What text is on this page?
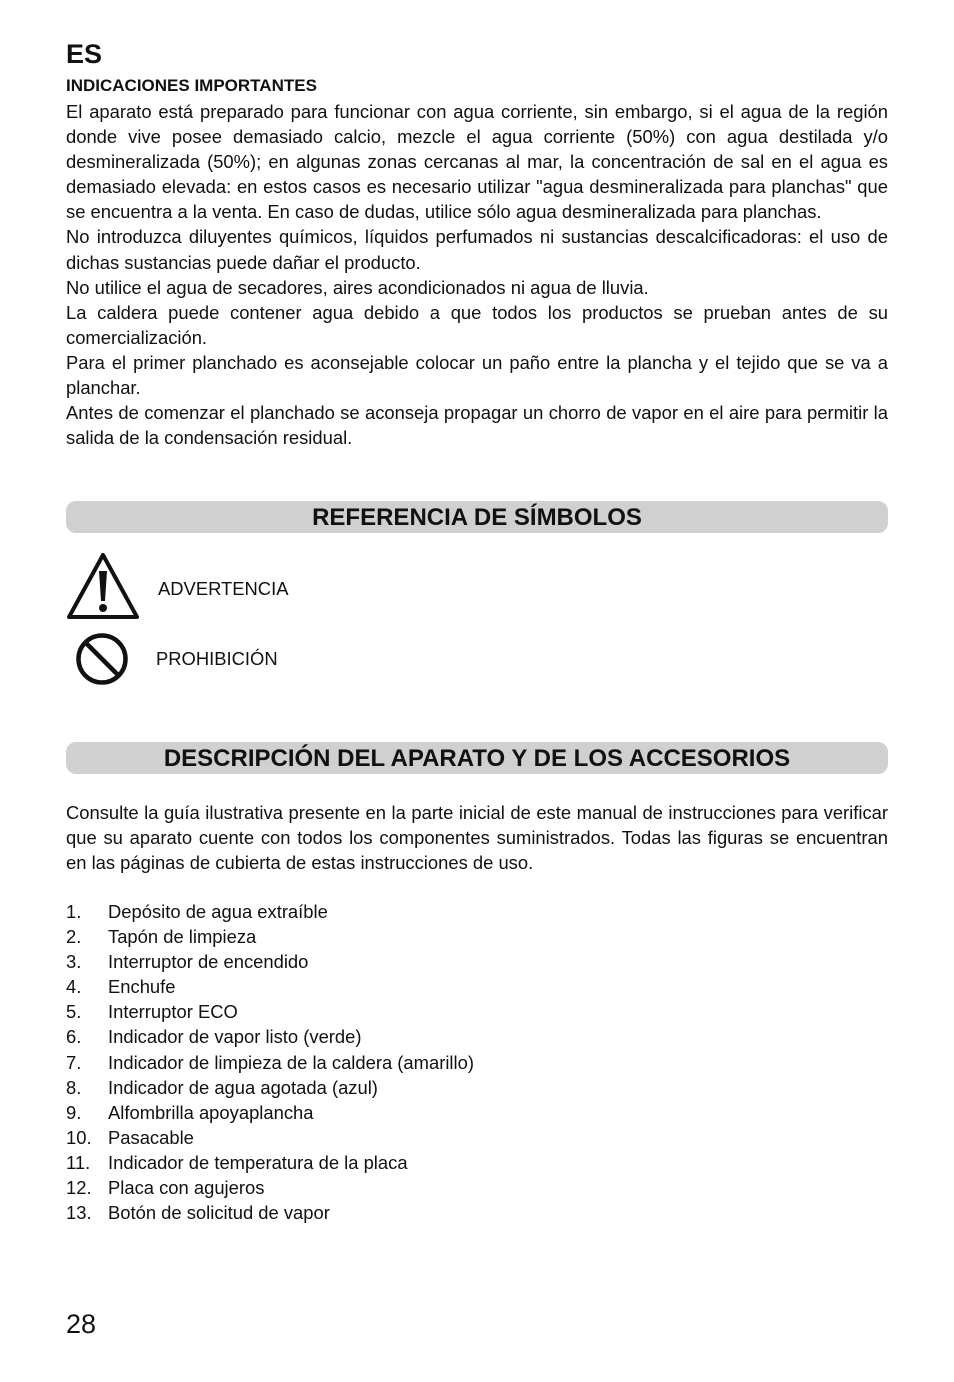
ES
INDICACIONES IMPORTANTES

El aparato está preparado para funcionar con agua corriente, sin embargo, si el agua de la región donde vive posee demasiado calcio, mezcle el agua corriente (50%) con agua destilada y/o desmineralizada (50%); en algunas zonas cercanas al mar, la concentración de sal en el agua es demasiado elevada: en estos casos es necesario utilizar "agua desmineralizada para planchas" que se encuentra a la venta. En caso de dudas, utilice sólo agua desmineralizada para planchas.

No introduzca diluyentes químicos, líquidos perfumados ni sustancias descalcificadoras: el uso de dichas sustancias puede dañar el producto.

No utilice el agua de secadores, aires acondicionados ni agua de lluvia.

La caldera puede contener agua debido a que todos los productos se prueban antes de su comercialización.

Para el primer planchado es aconsejable colocar un paño entre la plancha y el tejido que se va a planchar.

Antes de comenzar el planchado se aconseja propagar un chorro de vapor en el aire para permitir la salida de la condensación residual.

REFERENCIA DE SÍMBOLOS
ADVERTENCIA
PROHIBICIÓN
DESCRIPCIÓN DEL APARATO Y DE LOS ACCESORIOS

Consulte la guía ilustrativa presente en la parte inicial de este manual de instrucciones para verificar que su aparato cuente con todos los componentes suministrados. Todas las figuras se encuentran en las páginas de cubierta de estas instrucciones de uso.

1. Depósito de agua extraíble
2. Tapón de limpieza
3. Interruptor de encendido
4. Enchufe
5. Interruptor ECO
6. Indicador de vapor listo (verde)
7. Indicador de limpieza de la caldera (amarillo)
8. Indicador de agua agotada (azul)
9. Alfombrilla apoyaplancha
10. Pasacable
11. Indicador de temperatura de la placa
12. Placa con agujeros
13. Botón de solicitud de vapor
28
